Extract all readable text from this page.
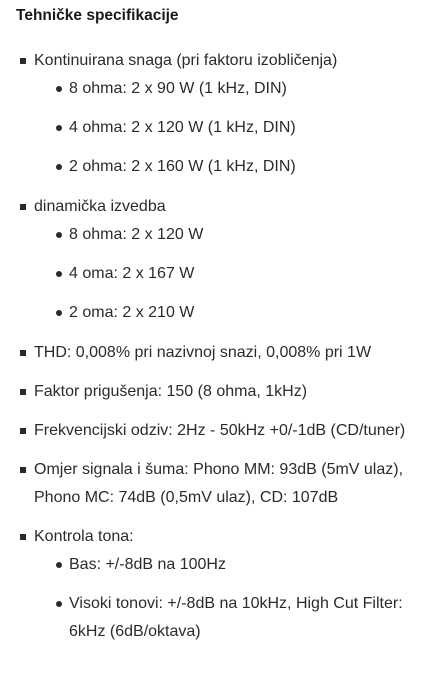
Tehničke specifikacije
Kontinuirana snaga (pri faktoru izobličenja)
8 ohma: 2 x 90 W (1 kHz, DIN)
4 ohma: 2 x 120 W (1 kHz, DIN)
2 ohma: 2 x 160 W (1 kHz, DIN)
dinamička izvedba
8 ohma: 2 x 120 W
4 oma: 2 x 167 W
2 oma: 2 x 210 W
THD: 0,008% pri nazivnoj snazi, 0,008% pri 1W
Faktor prigušenja: 150 (8 ohma, 1kHz)
Frekvencijski odziv: 2Hz - 50kHz +0/-1dB (CD/tuner)
Omjer signala i šuma: Phono MM: 93dB (5mV ulaz), Phono MC: 74dB (0,5mV ulaz), CD: 107dB
Kontrola tona:
Bas: +/-8dB na 100Hz
Visoki tonovi: +/-8dB na 10kHz, High Cut Filter: 6kHz (6dB/oktava)
